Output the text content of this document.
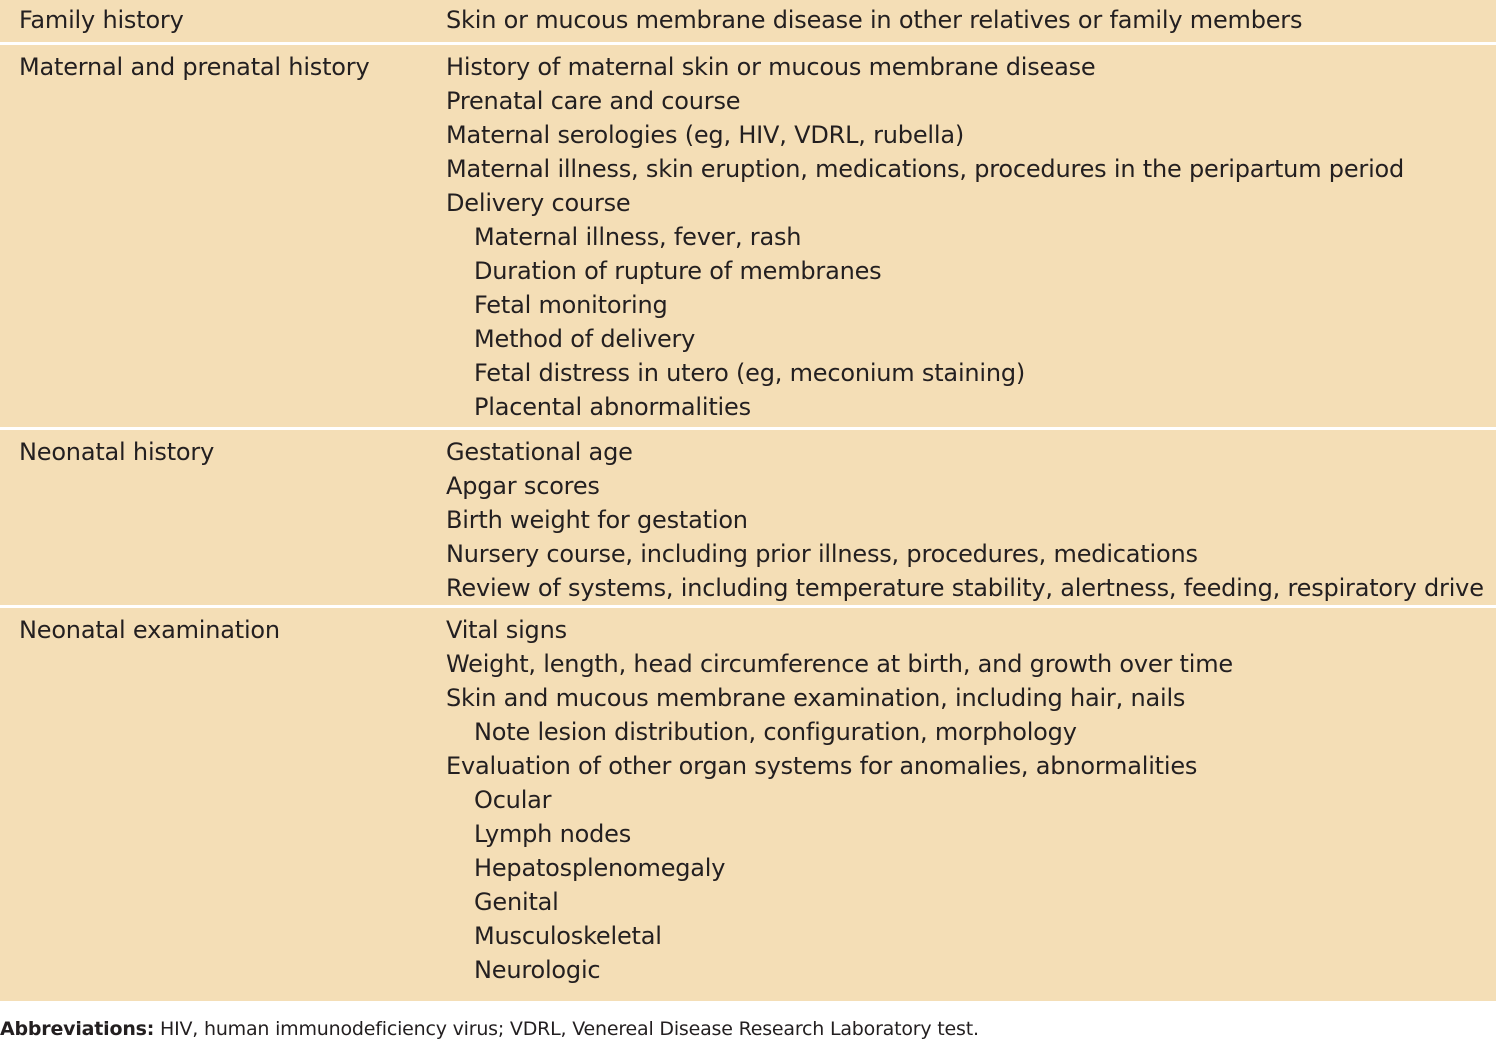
Family history	Skin or mucous membrane disease in other relatives or family members
Maternal and prenatal history	History of maternal skin or mucous membrane disease
Prenatal care and course
Maternal serologies (eg, HIV, VDRL, rubella)
Maternal illness, skin eruption, medications, procedures in the peripartum period
Delivery course
Maternal illness, fever, rash
Duration of rupture of membranes
Fetal monitoring
Method of delivery
Fetal distress in utero (eg, meconium staining)
Placental abnormalities
Neonatal history	Gestational age
Apgar scores
Birth weight for gestation
Nursery course, including prior illness, procedures, medications
Review of systems, including temperature stability, alertness, feeding, respiratory drive
Neonatal examination	Vital signs
Weight, length, head circumference at birth, and growth over time
Skin and mucous membrane examination, including hair, nails
Note lesion distribution, configuration, morphology
Evaluation of other organ systems for anomalies, abnormalities
Ocular
Lymph nodes
Hepatosplenomegaly
Genital
Musculoskeletal
Neurologic
Abbreviations: HIV, human immunodeficiency virus; VDRL, Venereal Disease Research Laboratory test.
